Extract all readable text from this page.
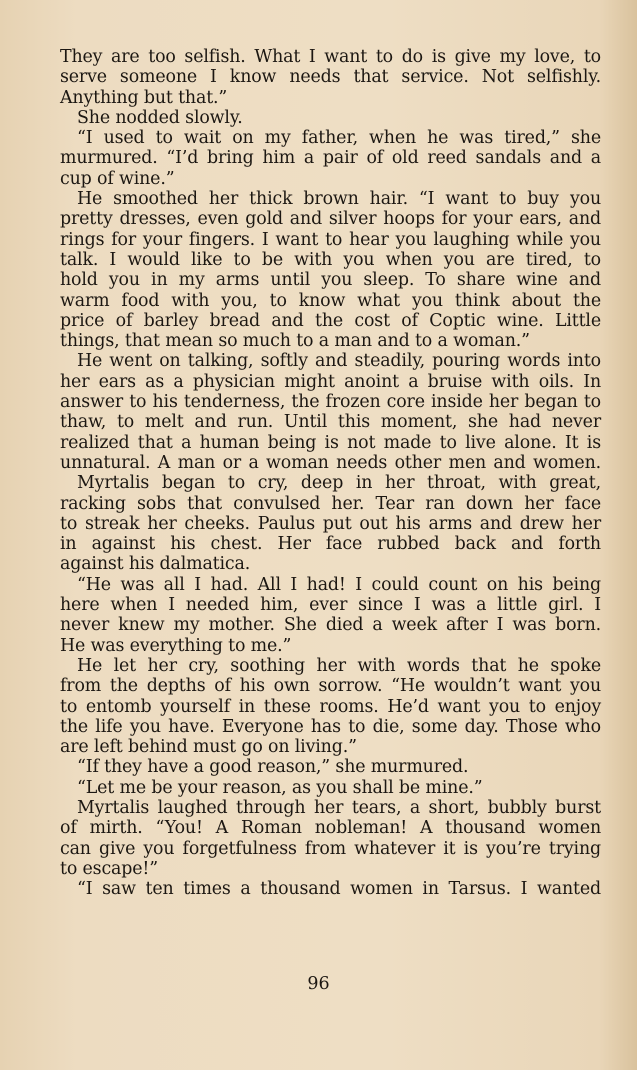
They are too selfish. What I want to do is give my love, to
serve someone I know needs that service. Not selfishly.
Anything but that.”
She nodded slowly.
“I used to wait on my father, when he was tired,” she
murmured. “I’d bring him a pair of old reed sandals and a
cup of wine.”
He smoothed her thick brown hair. “I want to buy you
pretty dresses, even gold and silver hoops for your ears, and
rings for your fingers. I want to hear you laughing while you
talk. I would like to be with you when you are tired, to
hold you in my arms until you sleep. To share wine and
warm food with you, to know what you think about the
price of barley bread and the cost of Coptic wine. Little
things, that mean so much to a man and to a woman.”
He went on talking, softly and steadily, pouring words into
her ears as a physician might anoint a bruise with oils. In
answer to his tenderness, the frozen core inside her began to
thaw, to melt and run. Until this moment, she had never
realized that a human being is not made to live alone. It is
unnatural. A man or a woman needs other men and women.
Myrtalis began to cry, deep in her throat, with great,
racking sobs that convulsed her. Tear ran down her face
to streak her cheeks. Paulus put out his arms and drew her
in against his chest. Her face rubbed back and forth
against his dalmatica.
“He was all I had. All I had! I could count on his being
here when I needed him, ever since I was a little girl. I
never knew my mother. She died a week after I was born.
He was everything to me.”
He let her cry, soothing her with words that he spoke
from the depths of his own sorrow. “He wouldn’t want you
to entomb yourself in these rooms. He’d want you to enjoy
the life you have. Everyone has to die, some day. Those who
are left behind must go on living.”
“If they have a good reason,” she murmured.
“Let me be your reason, as you shall be mine.”
Myrtalis laughed through her tears, a short, bubbly burst
of mirth. “You! A Roman nobleman! A thousand women
can give you forgetfulness from whatever it is you’re trying
to escape!”
“I saw ten times a thousand women in Tarsus. I wanted
96
